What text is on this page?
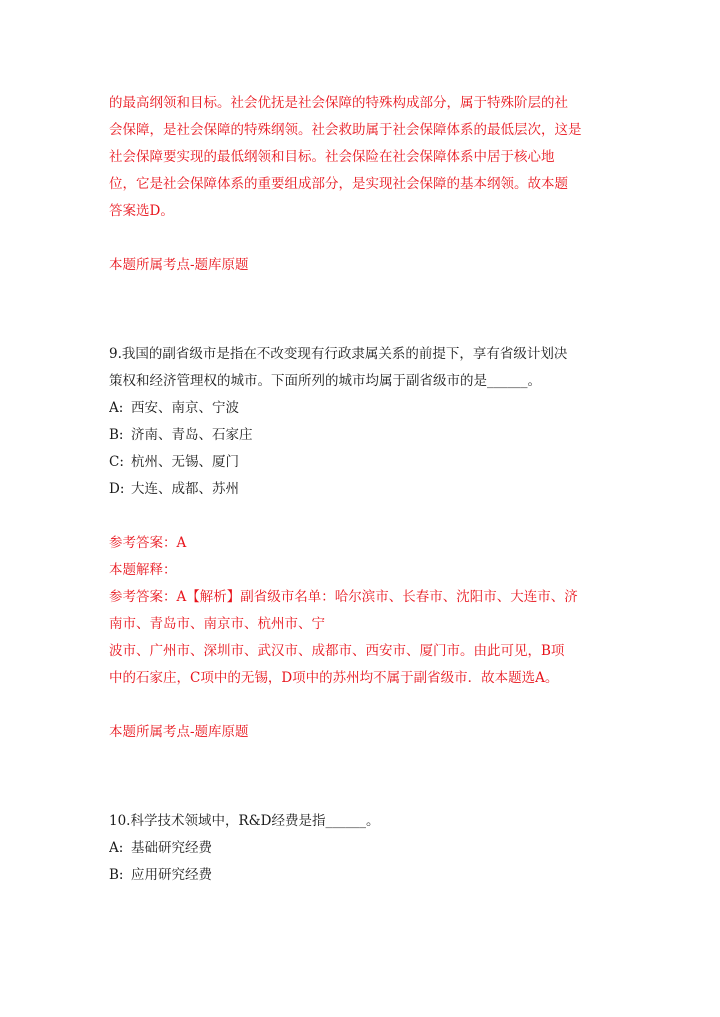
的最高纲领和目标。社会优抚是社会保障的特殊构成部分，属于特殊阶层的社
会保障，是社会保障的特殊纲领。社会救助属于社会保障体系的最低层次，这是
社会保障要实现的最低纲领和目标。社会保险在社会保障体系中居于核心地
位，它是社会保障体系的重要组成部分，是实现社会保障的基本纲领。故本题
答案选D。
本题所属考点-题库原题
9.我国的副省级市是指在不改变现有行政隶属关系的前提下，享有省级计划决
策权和经济管理权的城市。下面所列的城市均属于副省级市的是______。
A: 西安、南京、宁波
B: 济南、青岛、石家庄
C: 杭州、无锡、厦门
D: 大连、成都、苏州
参考答案：A
本题解释：
参考答案：A【解析】副省级市名单：哈尔滨市、长春市、沈阳市、大连市、济
南市、青岛市、南京市、杭州市、宁
波市、广州市、深圳市、武汉市、成都市、西安市、厦门市。由此可见，B项
中的石家庄，C项中的无锡，D项中的苏州均不属于副省级市．故本题选A。
本题所属考点-题库原题
10.科学技术领域中，R&D经费是指______。
A: 基础研究经费
B: 应用研究经费
